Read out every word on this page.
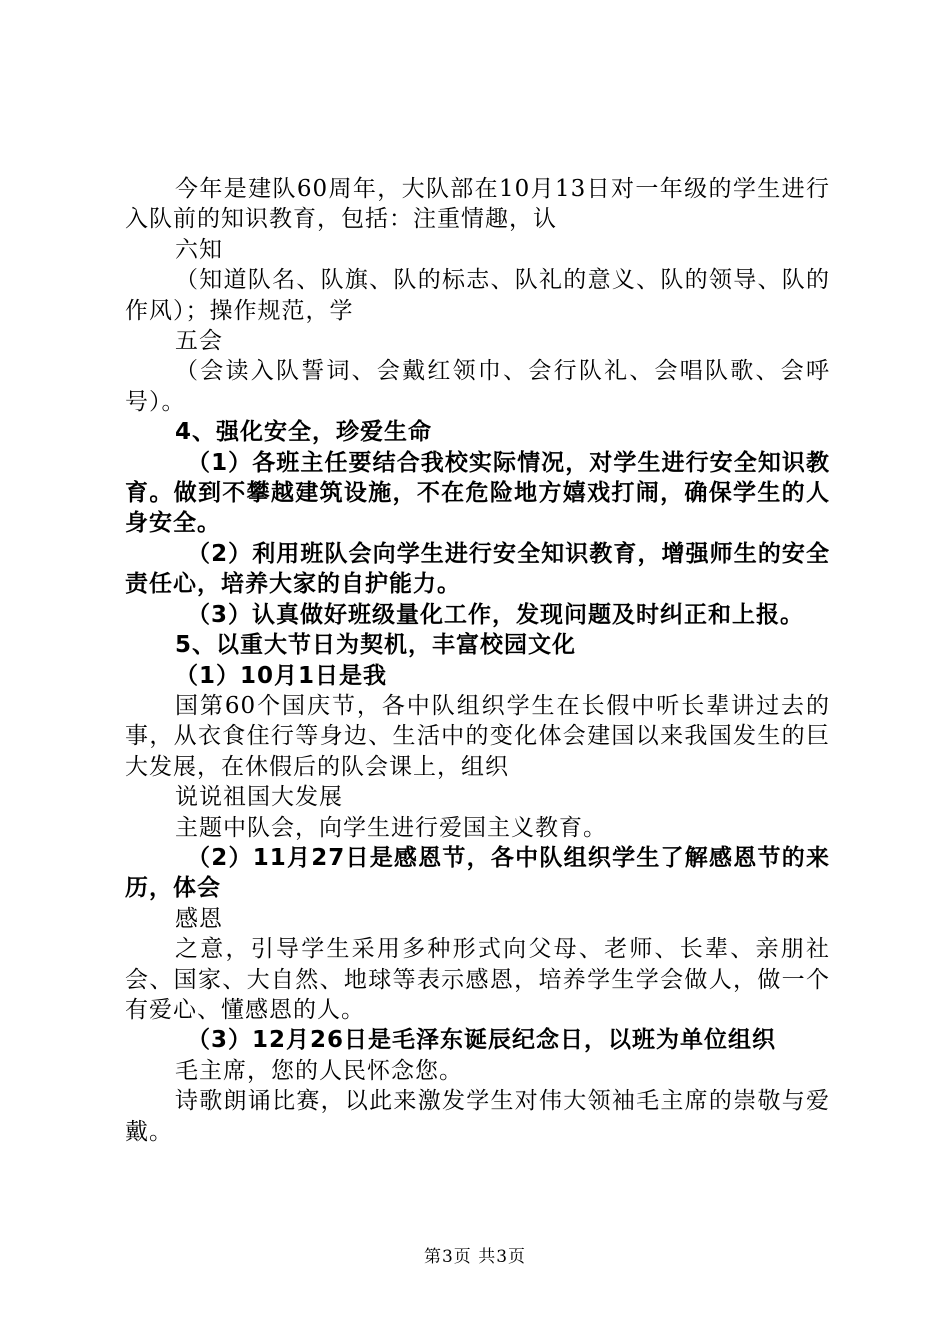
今年是建队60周年，大队部在10月13日对一年级的学生进行入队前的知识教育，包括：注重情趣，认

六知

（知道队名、队旗、队的标志、队礼的意义、队的领导、队的作风）；操作规范，学

五会

（会读入队誓词、会戴红领巾、会行队礼、会唱队歌、会呼号）。

4、强化安全，珍爱生命

（1）各班主任要结合我校实际情况，对学生进行安全知识教育。做到不攀越建筑设施，不在危险地方嬉戏打闹，确保学生的人身安全。

（2）利用班队会向学生进行安全知识教育，增强师生的安全责任心，培养大家的自护能力。

（3）认真做好班级量化工作，发现问题及时纠正和上报。

5、以重大节日为契机，丰富校园文化

（1）10月1日是我

国第60个国庆节，各中队组织学生在长假中听长辈讲过去的事，从衣食住行等身边、生活中的变化体会建国以来我国发生的巨大发展，在休假后的队会课上，组织

说说祖国大发展

主题中队会，向学生进行爱国主义教育。

（2）11月27日是感恩节，各中队组织学生了解感恩节的来历，体会

感恩

之意，引导学生采用多种形式向父母、老师、长辈、亲朋社会、国家、大自然、地球等表示感恩，培养学生学会做人，做一个有爱心、懂感恩的人。

（3）12月26日是毛泽东诞辰纪念日，以班为单位组织

毛主席，您的人民怀念您。

诗歌朗诵比赛，以此来激发学生对伟大领袖毛主席的崇敬与爱戴。

第3页 共3页
